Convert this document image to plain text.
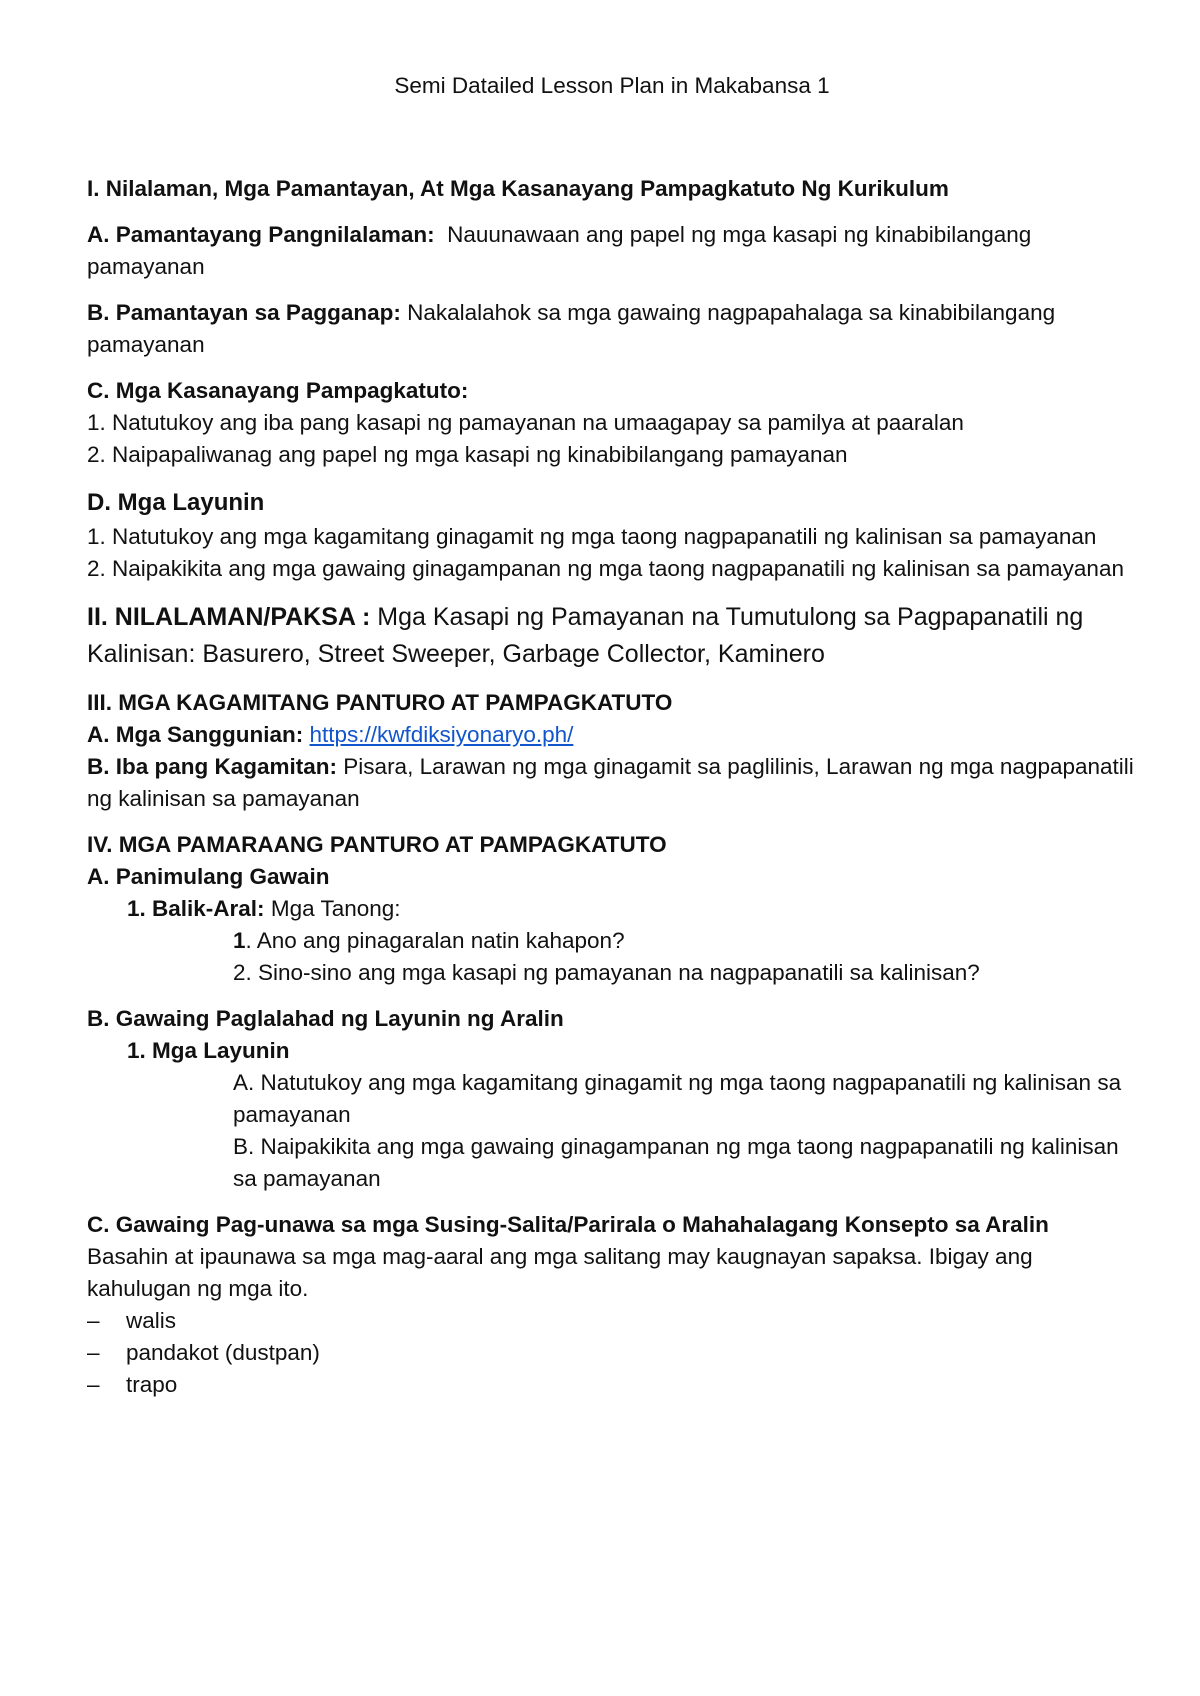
Semi Datailed Lesson Plan in Makabansa 1

I. Nilalaman, Mga Pamantayan, At Mga Kasanayang Pampagkatuto Ng Kurikulum

A. Pamantayang Pangnilalaman: Nauunawaan ang papel ng mga kasapi ng kinabibilangang pamayanan

B. Pamantayan sa Pagganap: Nakalalahok sa mga gawaing nagpapahalaga sa kinabibilangang pamayanan

C. Mga Kasanayang Pampagkatuto:

1. Natutukoy ang iba pang kasapi ng pamayanan na umaagapay sa pamilya at paaralan

2. Naipapaliwanag ang papel ng mga kasapi ng kinabibilangang pamayanan

D. Mga Layunin

1. Natutukoy ang mga kagamitang ginagamit ng mga taong nagpapanatili ng kalinisan sa pamayanan

2. Naipakikita ang mga gawaing ginagampanan ng mga taong nagpapanatili ng kalinisan sa pamayanan

II. NILALAMAN/PAKSA : Mga Kasapi ng Pamayanan na Tumutulong sa Pagpapanatili ng Kalinisan: Basurero, Street Sweeper, Garbage Collector, Kaminero

III. MGA KAGAMITANG PANTURO AT PAMPAGKATUTO

A. Mga Sanggunian: https://kwfdiksiyonaryo.ph/

B. Iba pang Kagamitan: Pisara, Larawan ng mga ginagamit sa paglilinis, Larawan ng mga nagpapanatili ng kalinisan sa pamayanan

IV. MGA PAMARAANG PANTURO AT PAMPAGKATUTO

A. Panimulang Gawain

1. Balik-Aral: Mga Tanong:

1. Ano ang pinagaralan natin kahapon?

2. Sino-sino ang mga kasapi ng pamayanan na nagpapanatili sa kalinisan?

B. Gawaing Paglalahad ng Layunin ng Aralin

1. Mga Layunin

A. Natutukoy ang mga kagamitang ginagamit ng mga taong nagpapanatili ng kalinisan sa pamayanan

B. Naipakikita ang mga gawaing ginagampanan ng mga taong nagpapanatili ng kalinisan sa pamayanan

C. Gawaing Pag-unawa sa mga Susing-Salita/Parirala o Mahahalagang Konsepto sa Aralin

Basahin at ipaunawa sa mga mag-aaral ang mga salitang may kaugnayan sapaksa. Ibigay ang kahulugan ng mga ito.

–	walis
–	pandakot (dustpan)
–	trapo
